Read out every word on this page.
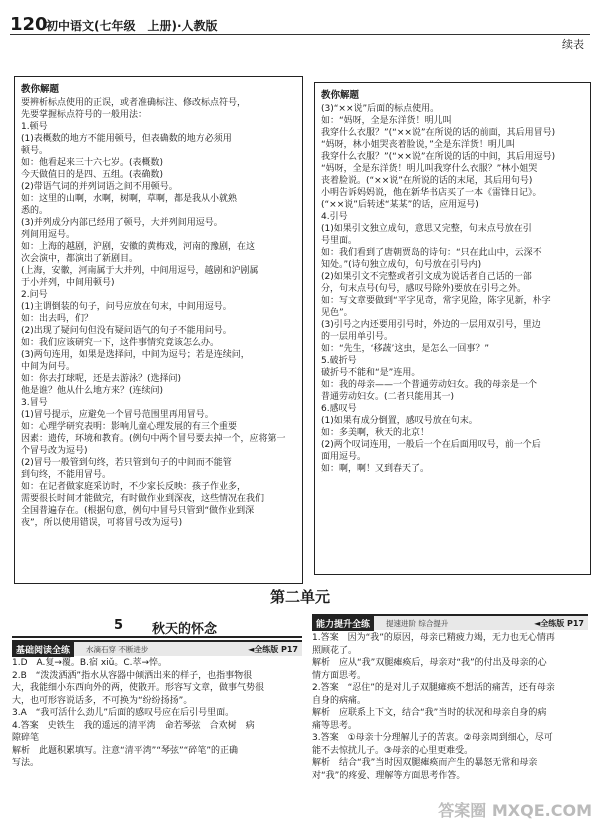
120
初中语文(七年级　上册)·人教版
续表
教你解题
要辨析标点使用的正误，或者准确标注、修改标点符号，
先要掌握标点符号的一般用法：
1.顿号
(1)表概数的地方不能用顿号，但表确数的地方必须用
顿号。
如：他看起来三十六七岁。(表概数)
今天做值日的是四、五组。(表确数)
(2)带语气词的并列词语之间不用顿号。
如：这里的山啊，水啊，树啊，草啊，都是我从小就熟
悉的。
(3)并列成分内部已经用了顿号，大并列间用逗号。
列间用逗号。
如：上海的越剧，沪剧，安徽的黄梅戏，河南的豫剧，在这
次会演中，都演出了新剧目。
(上海，安徽，河南属于大并列，中间用逗号，越剧和沪剧属
于小并列，中间用顿号)
2.问号
(1)主谓倒装的句子，问号应放在句末，中间用逗号。
如：出去吗，们？
(2)出现了疑问句但没有疑问语气的句子不能用问号。
如：我们应该研究一下，这件事情究竟该怎么办。
(3)两句连用，如果是选择问，中间为逗号；若是连续问，
中间为问号。
如：你去打球呢，还是去游泳？(选择问)
他是谁？他从什么地方来？(连续问)
3.冒号
(1)冒号提示，应避免一个冒号范围里再用冒号。
如：心理学研究表明：影响儿童心理发展的有三个重要
因素：遗传，环境和教育。(例句中两个冒号要去掉一个，应将第一
个冒号改为逗号)
(2)冒号一般管到句终，若只管到句子的中间而不能管
到句终，不能用冒号。
如：在记者做家庭采访时，不少家长反映：孩子作业多，
需要很长时间才能做完，有时做作业到深夜，这些情况在我们
全国普遍存在。(根据句意，例句中冒号只管到“做作业到深
夜”，所以使用错误，可将冒号改为逗号)
教你解题
(3)“××说”后面的标点使用。
如：“妈呀，全是东洋货！明儿叫
我穿什么衣服？”(“××说”在所说的话的前面，其后用冒号)
“妈呀，林小姐哭丧着脸说，”全是东洋货！明儿叫
我穿什么衣服？”(“××说”在所说的话的中间，其后用逗号)
“妈呀，全是东洋货！明儿叫我穿什么衣服？”林小姐哭
丧着脸说。(“××说”在所说的话的末尾，其后用句号)
小明告诉妈妈说，他在新华书店买了一本《雷锋日记》。
(“××说”后转述“某某”的话，应用逗号)
4.引号
(1)如果引文独立成句，意思又完整，句末点号放在引
号里面。
如：我们看到了唐朝贾岛的诗句：“只在此山中，云深不
知处。”(诗句独立成句，句号放在引号内)
(2)如果引文不完整或者引文成为说话者自己话的一部
分，句末点号(句号，感叹号除外)要放在引号之外。
如：写文章要做到“平字见奇，常字见险，陈字见新，朴字
见色”。
(3)引号之内还要用引号时，外边的一层用双引号，里边
的一层用单引号。
如：“先生，‘移蔬’这虫，是怎么一回事？”
5.破折号
破折号不能和“是”连用。
如：我的母亲——一个普通劳动妇女。我的母亲是一个
普通劳动妇女。(二者只能用其一)
6.感叹号
(1)如果有成分倒置，感叹号放在句末。
如：多美啊，秋天的北京！
(2)两个叹词连用，一般后一个在后面用叹号，前一个后
面用逗号。
如：啊，啊！又到春天了。
第二单元
5 秋天的怀念
基础阅读全练	水滴石穿 不断进步	◄全练版 P17
1.D　A.复→覆。B.宿 xiǔ。C.萃→悴。
2.B　“泼泼洒洒”指水从容器中倾洒出来的样子，也指事物很
大，我能细小东西向外的两，使散开。形容写文章，做事气势很
大，也可形容说话多，不可换为“纷纷扬扬”。
3.A　“我可活什么劲儿”后面的感叹号应在后引号里面。
4.答案　史铁生　我的遥远的清平湾　命若琴弦　合欢树　病
隙碎笔
解析　此题积累填写。注意“清平湾”“琴弦”“碎笔”的正确
写法。
能力提升全练	提速进阶 综合提升	◄全练版 P17
1.答案　因为“我”的原因，母亲已精疲力竭，无力也无心情再
照顾花了。
解析　应从“我”双腿瘫痪后，母亲对“我”的付出及母亲的心
情方面思考。
2.答案　“忍住”的是对儿子双腿瘫痪不想活的痛苦，还有母亲
自身的病痛。
解析　应联系上下文，结合“我”当时的状况和母亲自身的病
痛等思考。
3.答案　①母亲十分理解儿子的苦衷。②母亲周到细心，尽可
能不去惊扰儿子。③母亲的心里更难受。
解析　结合“我”当时因双腿瘫痪而产生的暴怒无常和母亲
对“我”的疼爱、理解等方面思考作答。
答案圈 MXQE.COM
